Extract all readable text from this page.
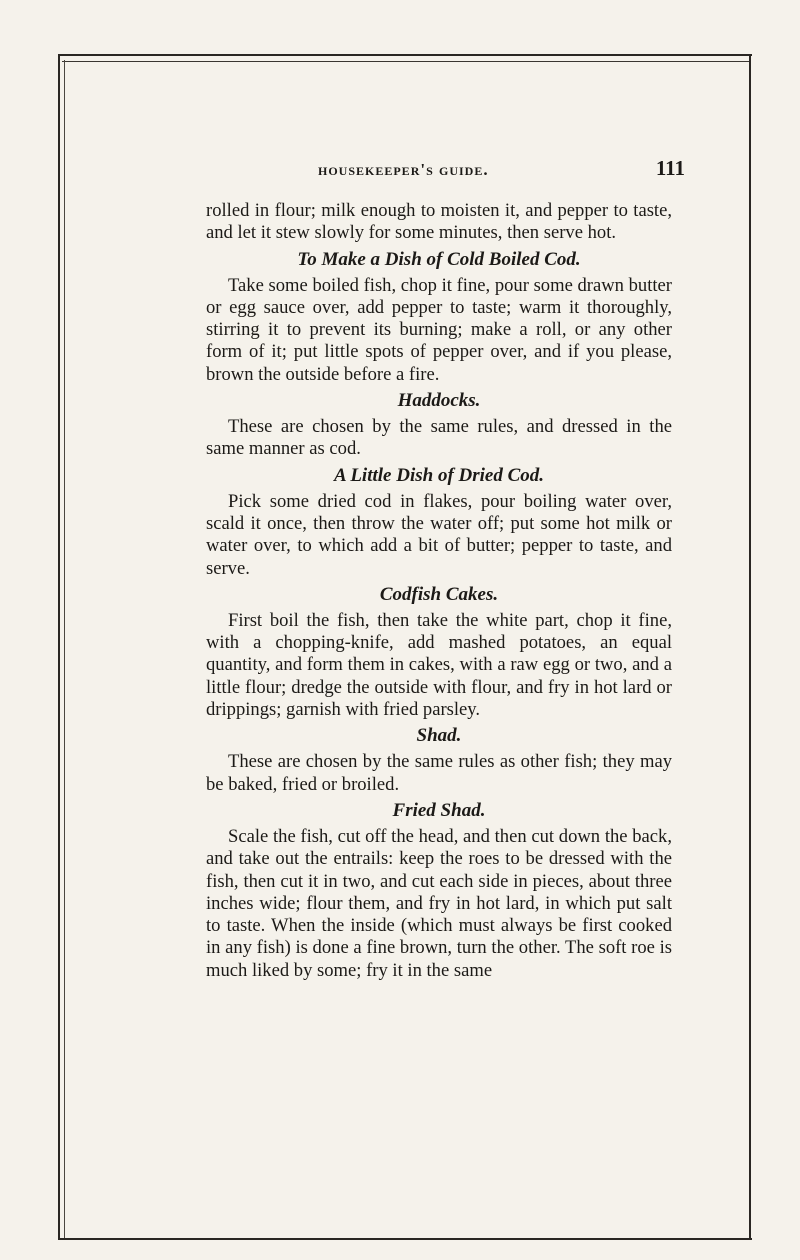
housekeeper's guide.	111

rolled in flour; milk enough to moisten it, and pepper to taste, and let it stew slowly for some minutes, then serve hot.

To Make a Dish of Cold Boiled Cod.

Take some boiled fish, chop it fine, pour some drawn butter or egg sauce over, add pepper to taste; warm it thoroughly, stirring it to prevent its burning; make a roll, or any other form of it; put little spots of pepper over, and if you please, brown the outside before a fire.

Haddocks.

These are chosen by the same rules, and dressed in the same manner as cod.

A Little Dish of Dried Cod.

Pick some dried cod in flakes, pour boiling water over, scald it once, then throw the water off; put some hot milk or water over, to which add a bit of butter; pepper to taste, and serve.

Codfish Cakes.

First boil the fish, then take the white part, chop it fine, with a chopping-knife, add mashed potatoes, an equal quantity, and form them in cakes, with a raw egg or two, and a little flour; dredge the outside with flour, and fry in hot lard or drippings; garnish with fried parsley.

Shad.

These are chosen by the same rules as other fish; they may be baked, fried or broiled.

Fried Shad.

Scale the fish, cut off the head, and then cut down the back, and take out the entrails: keep the roes to be dressed with the fish, then cut it in two, and cut each side in pieces, about three inches wide; flour them, and fry in hot lard, in which put salt to taste. When the inside (which must always be first cooked in any fish) is done a fine brown, turn the other. The soft roe is much liked by some; fry it in the same
